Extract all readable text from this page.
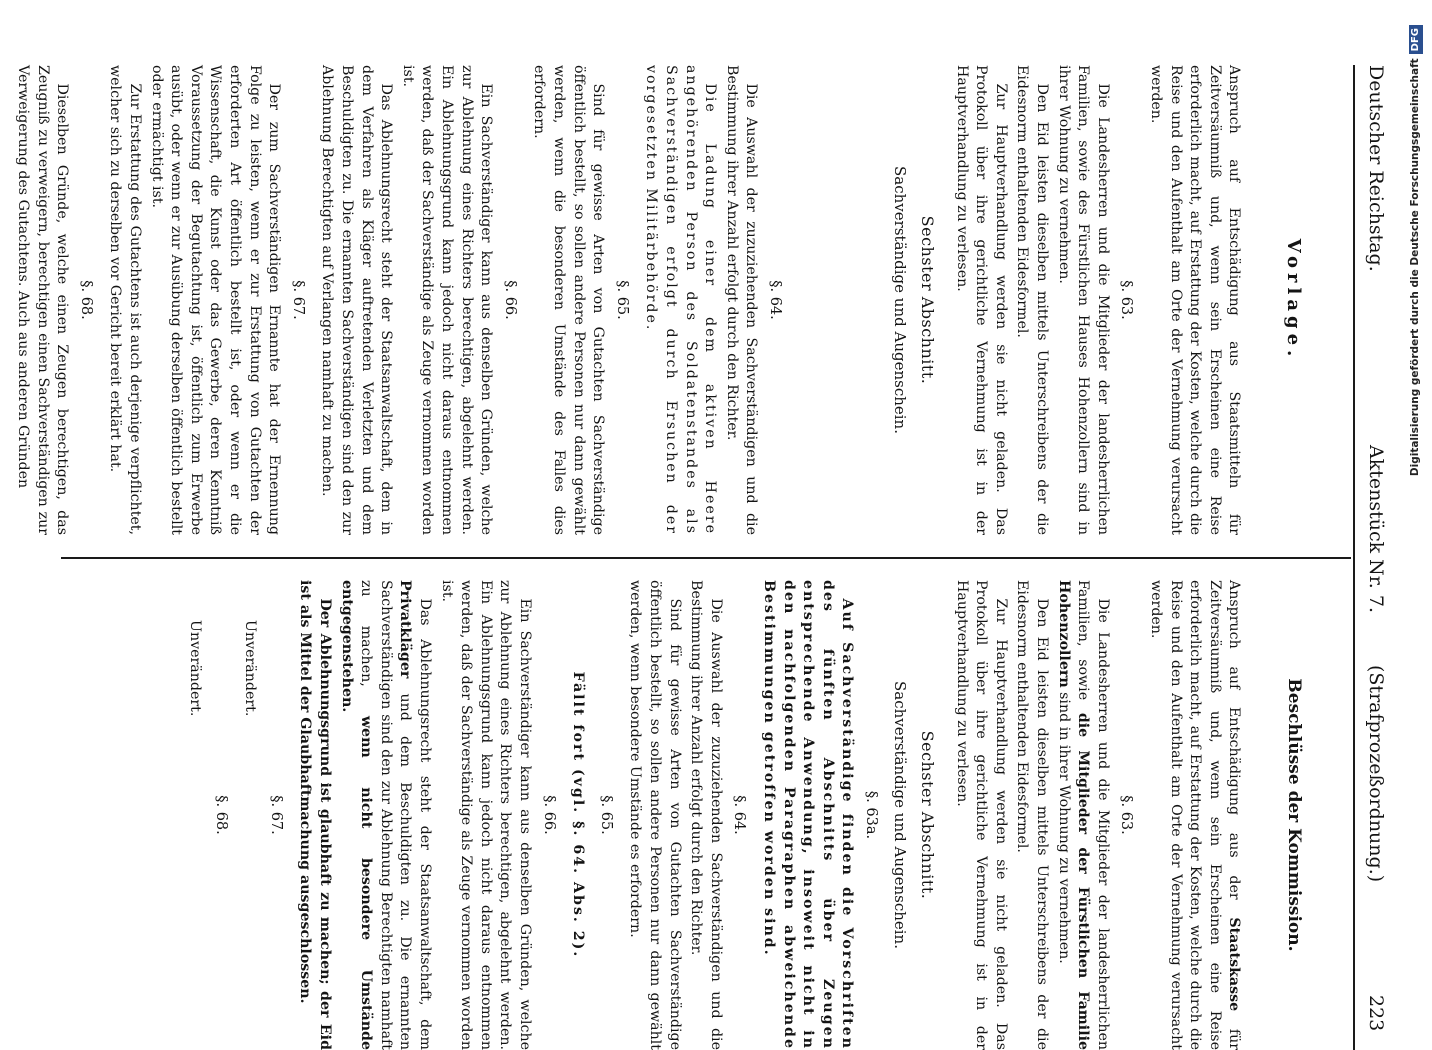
Deutscher Reichstag.
Aktenstück Nr. 7.
(Strafprozeßordnung.)
223
Vorlage.

Anspruch auf Entschädigung aus Staatsmitteln für Zeitversäumniß und, wenn sein Erscheinen eine Reise erforderlich macht, auf Erstattung der Kosten, welche durch die Reise und den Aufenthalt am Orte der Vernehmung verursacht werden.

§. 63.

Die Landesherren und die Mitglieder der landesherrlichen Familien, sowie des Fürstlichen Hauses Hohenzollern sind in ihrer Wohnung zu vernehmen.

Den Eid leisten dieselben mittels Unterschreibens der die Eidesnorm enthaltenden Eidesformel.

Zur Hauptverhandlung werden sie nicht geladen. Das Protokoll über ihre gerichtliche Vernehmung ist in der Hauptverhandlung zu verlesen.

Sechster Abschnitt.
Sachverständige und Augenschein.
§. 64.

Die Auswahl der zuzuziehenden Sachverständigen und die Bestimmung ihrer Anzahl erfolgt durch den Richter.

Die Ladung einer dem aktiven Heere angehörenden Person des Soldatenstandes als Sachverständigen erfolgt durch Ersuchen der vorgesetzten Militärbehörde.

§. 65.

Sind für gewisse Arten von Gutachten Sachverständige öffentlich bestellt, so sollen andere Personen nur dann gewählt werden, wenn die besonderen Umstände des Falles dies erfordern.

§. 66.

Ein Sachverständiger kann aus denselben Gründen, welche zur Ablehnung eines Richters berechtigen, abgelehnt werden. Ein Ablehnungsgrund kann jedoch nicht daraus entnommen werden, daß der Sachverständige als Zeuge vernommen worden ist.

Das Ablehnungsrecht steht der Staatsanwaltschaft, dem in dem Verfahren als Kläger auftretenden Verletzten und dem Beschuldigten zu. Die ernannten Sachverständigen sind den zur Ablehnung Berechtigten auf Verlangen namhaft zu machen.

§. 67.

Der zum Sachverständigen Ernannte hat der Ernennung Folge zu leisten, wenn er zur Erstattung von Gutachten der erforderten Art öffentlich bestellt ist, oder wenn er die Wissenschaft, die Kunst oder das Gewerbe, deren Kenntniß Voraussetzung der Begutachtung ist, öffentlich zum Erwerbe ausübt, oder wenn er zur Ausübung derselben öffentlich bestellt oder ermächtigt ist.

Zur Erstattung des Gutachtens ist auch derjenige verpflichtet, welcher sich zu derselben vor Gericht bereit erklärt hat.

§. 68.

Dieselben Gründe, welche einen Zeugen berechtigen, das Zeugniß zu verweigern, berechtigen einen Sachverständigen zur Verweigerung des Gutachtens. Auch aus anderen Gründen

Beschlüsse der Kommission.

Anspruch auf Entschädigung aus der Staatskasse für Zeitversäumniß und, wenn sein Erscheinen eine Reise erforderlich macht, auf Erstattung der Kosten, welche durch die Reise und den Aufenthalt am Orte der Vernehmung verursacht werden.

§. 63.

Die Landesherren und die Mitglieder der landesherrlichen Familien, sowie die Mitglieder der Fürstlichen Familie Hohenzollern sind in ihrer Wohnung zu vernehmen.

Den Eid leisten dieselben mittels Unterschreibens der die Eidesnorm enthaltenden Eidesformel.

Zur Hauptverhandlung werden sie nicht geladen. Das Protokoll über ihre gerichtliche Vernehmung ist in der Hauptverhandlung zu verlesen.

Sechster Abschnitt.
Sachverständige und Augenschein.
§. 63a.

Auf Sachverständige finden die Vorschriften des fünften Abschnitts über Zeugen entsprechende Anwendung, insoweit nicht in den nachfolgenden Paragraphen abweichende Bestimmungen getroffen worden sind.

§. 64.

Die Auswahl der zuzuziehenden Sachverständigen und die Bestimmung ihrer Anzahl erfolgt durch den Richter.

Sind für gewisse Arten von Gutachten Sachverständige öffentlich bestellt, so sollen andere Personen nur dann gewählt werden, wenn besondere Umstände es erfordern.

§. 65.

Fällt fort (vgl. §. 64. Abs. 2).

§. 66.

Ein Sachverständiger kann aus denselben Gründen, welche zur Ablehnung eines Richters berechtigen, abgelehnt werden. Ein Ablehnungsgrund kann jedoch nicht daraus entnommen werden, daß der Sachverständige als Zeuge vernommen worden ist.

Das Ablehnungsrecht steht der Staatsanwaltschaft, dem Privatkläger und dem Beschuldigten zu. Die ernannten Sachverständigen sind den zur Ablehnung Berechtigten namhaft zu machen, wenn nicht besondere Umstände entgegenstehen.

Der Ablehnungsgrund ist glaubhaft zu machen; der Eid ist als Mittel der Glaubhaftmachung ausgeschlossen.

§. 67.

Unverändert.

§. 68.

Unverändert.

Digitalisierung gefördert durch die Deutsche ForschungsgemeinschaftDFG
